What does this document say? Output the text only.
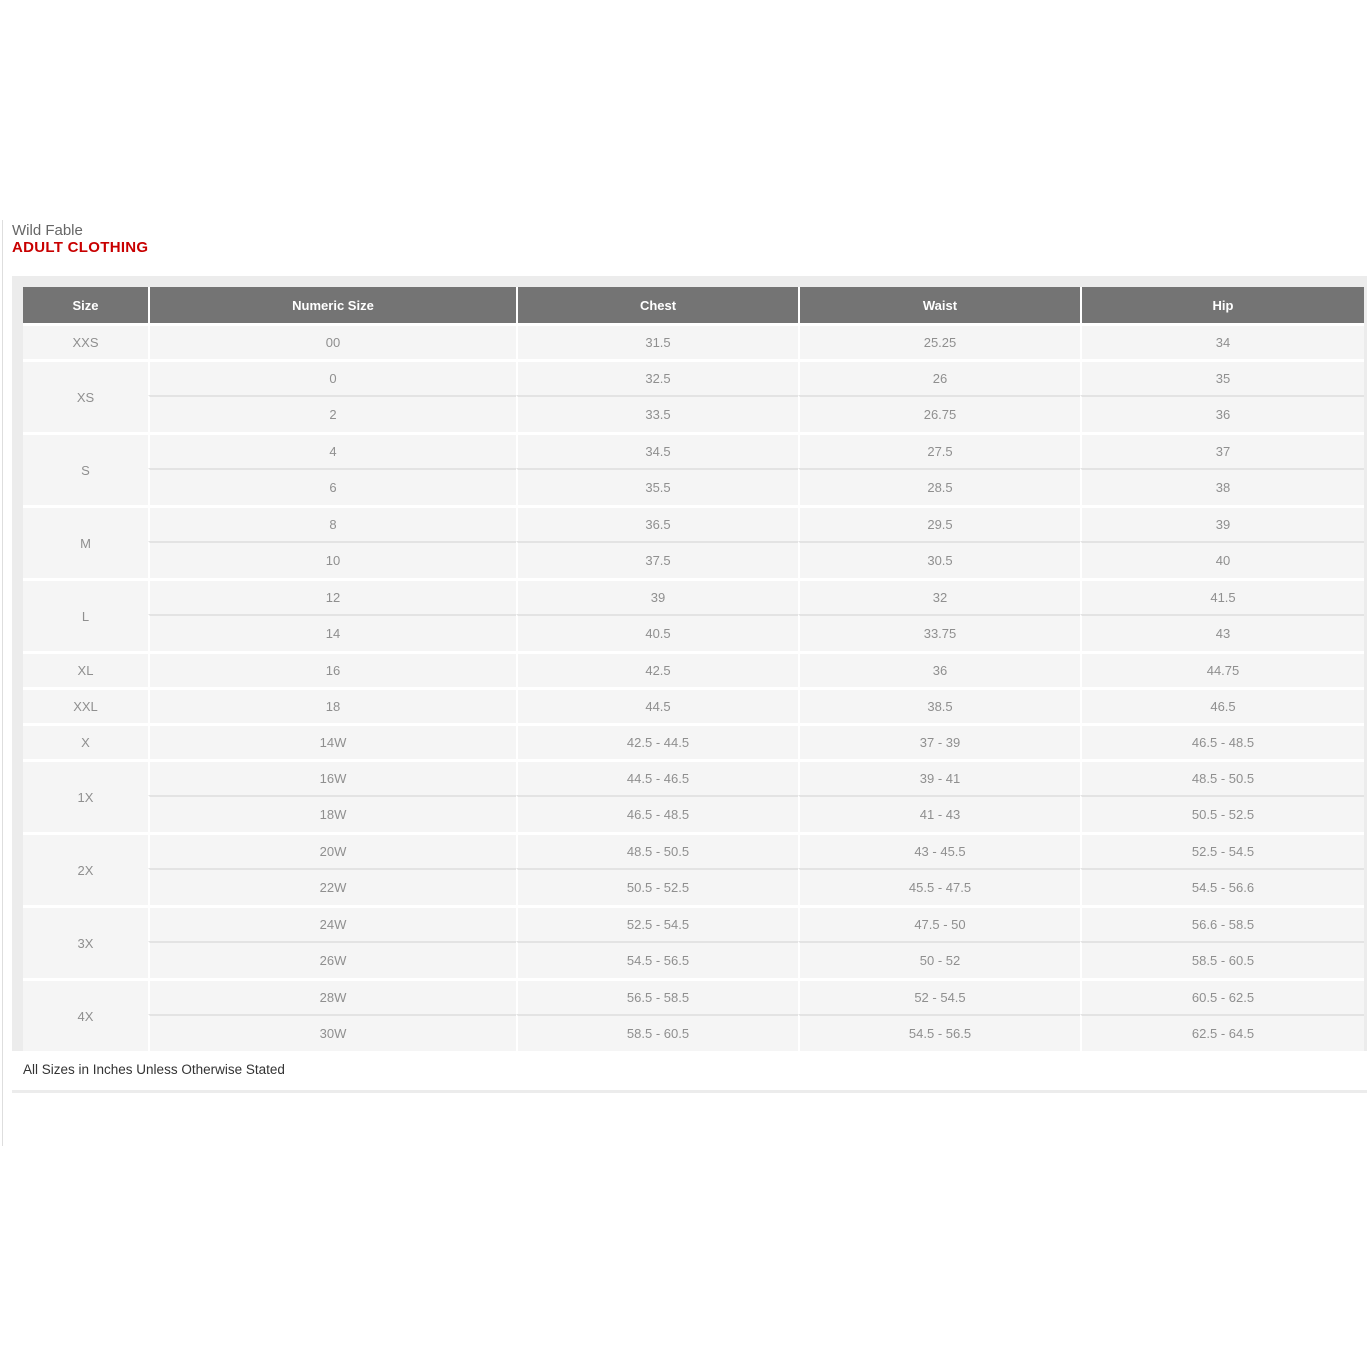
Wild Fable
ADULT CLOTHING
Size	Numeric Size	Chest	Waist	Hip
XXS	00	31.5	25.25	34
XS	0	32.5	26	35
	2	33.5	26.75	36
S	4	34.5	27.5	37
	6	35.5	28.5	38
M	8	36.5	29.5	39
	10	37.5	30.5	40
L	12	39	32	41.5
	14	40.5	33.75	43
XL	16	42.5	36	44.75
XXL	18	44.5	38.5	46.5
X	14W	42.5 - 44.5	37 - 39	46.5 - 48.5
1X	16W	44.5 - 46.5	39 - 41	48.5 - 50.5
	18W	46.5 - 48.5	41 - 43	50.5 - 52.5
2X	20W	48.5 - 50.5	43 - 45.5	52.5 - 54.5
	22W	50.5 - 52.5	45.5 - 47.5	54.5 - 56.6
3X	24W	52.5 - 54.5	47.5 - 50	56.6 - 58.5
	26W	54.5 - 56.5	50 - 52	58.5 - 60.5
4X	28W	56.5 - 58.5	52 - 54.5	60.5 - 62.5
	30W	58.5 - 60.5	54.5 - 56.5	62.5 - 64.5
All Sizes in Inches Unless Otherwise Stated
